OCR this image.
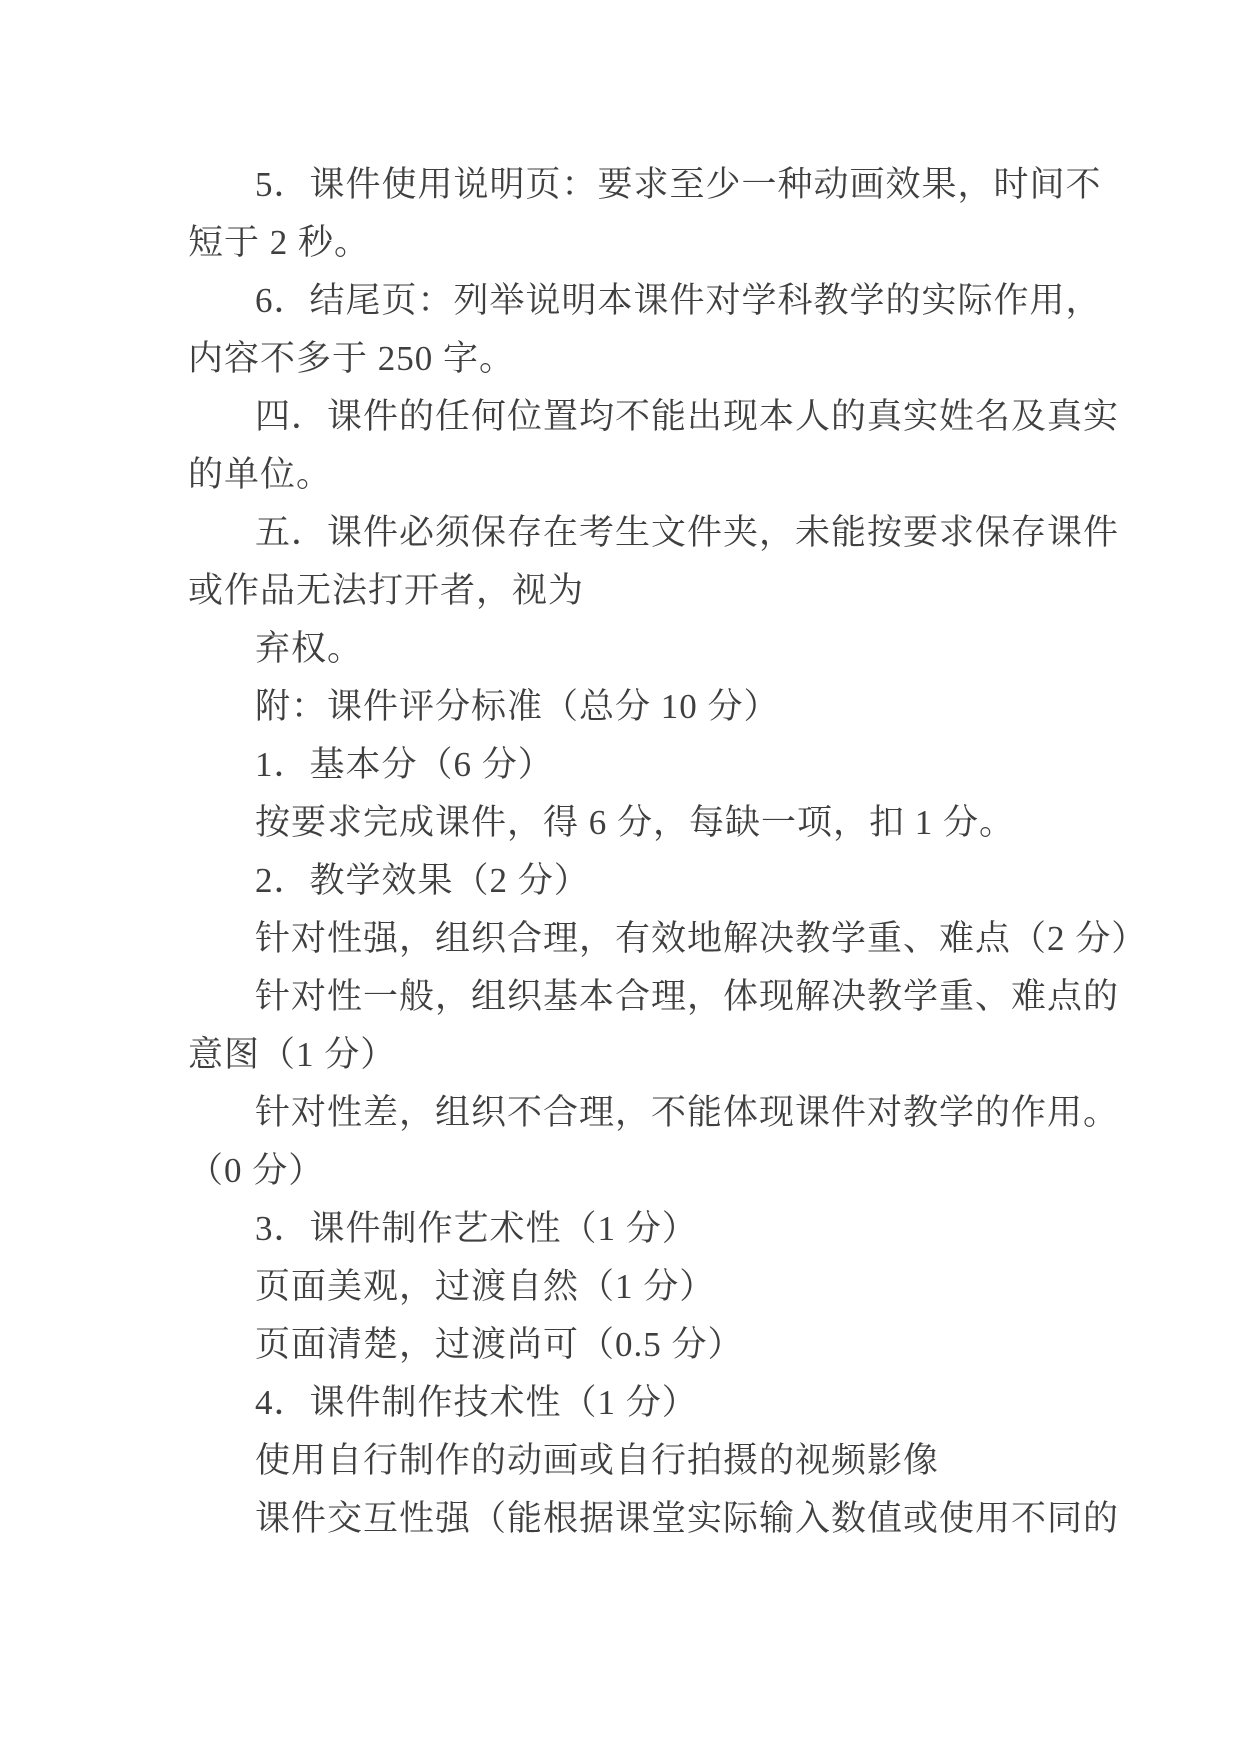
5．课件使用说明页：要求至少一种动画效果，时间不
短于 2 秒。
6．结尾页：列举说明本课件对学科教学的实际作用，
内容不多于 250 字。
四．课件的任何位置均不能出现本人的真实姓名及真实
的单位。
五．课件必须保存在考生文件夹，未能按要求保存课件
或作品无法打开者，视为
弃权。
附：课件评分标准（总分 10 分）
1．基本分（6 分）
按要求完成课件，得 6 分，每缺一项，扣 1 分。
2．教学效果（2 分）
针对性强，组织合理，有效地解决教学重、难点（2 分）
针对性一般，组织基本合理，体现解决教学重、难点的
意图（1 分）
针对性差，组织不合理，不能体现课件对教学的作用。
（0 分）
3．课件制作艺术性（1 分）
页面美观，过渡自然（1 分）
页面清楚，过渡尚可（0.5 分）
4．课件制作技术性（1 分）
使用自行制作的动画或自行拍摄的视频影像
课件交互性强（能根据课堂实际输入数值或使用不同的
